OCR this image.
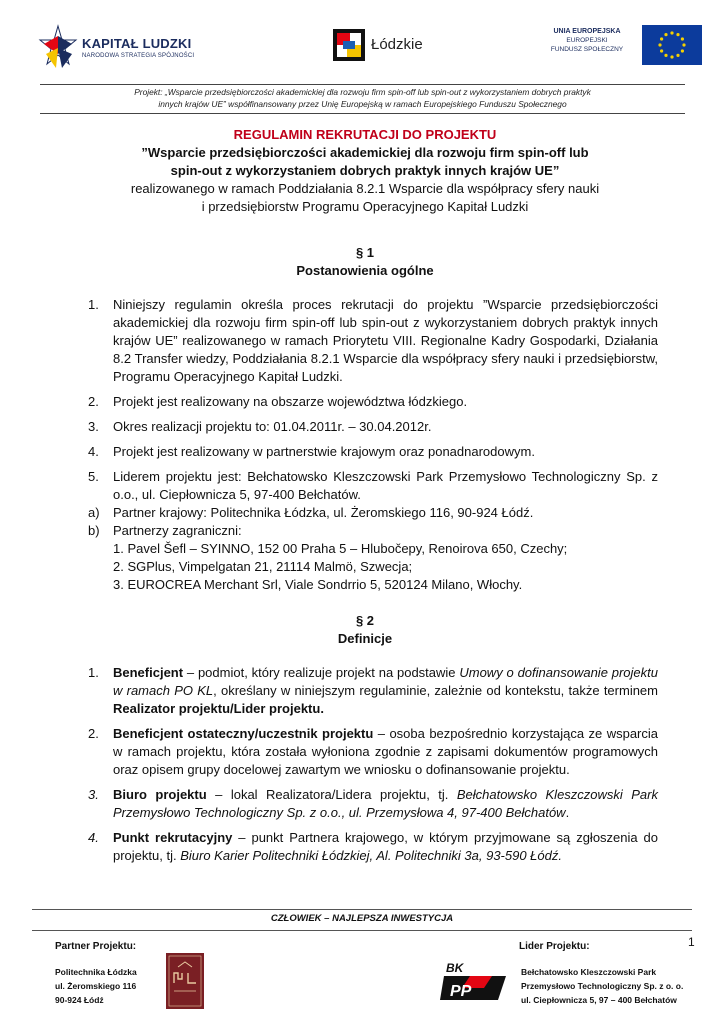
KAPITAŁ LUDZKI
NARODOWA STRATEGIA SPÓJNOŚCI
Łódzkie
UNIA EUROPEJSKA
EUROPEJSKI
FUNDUSZ SPOŁECZNY
Projekt: „Wsparcie przedsiębiorczości akademickiej dla rozwoju firm spin-off lub spin-out z wykorzystaniem dobrych praktyk
innych krajów UE” współfinansowany przez Unię Europejską w ramach Europejskiego Funduszu Społecznego
REGULAMIN REKRUTACJI DO PROJEKTU
”Wsparcie przedsiębiorczości akademickiej dla rozwoju firm spin-off lub
spin-out z wykorzystaniem dobrych praktyk innych krajów UE”
realizowanego w ramach Poddziałania 8.2.1 Wsparcie dla współpracy sfery nauki
i przedsiębiorstw Programu Operacyjnego Kapitał Ludzki
§ 1
Postanowienia ogólne
1. Niniejszy regulamin określa proces rekrutacji do projektu ”Wsparcie przedsiębiorczości akademickiej dla rozwoju firm spin-off lub spin-out z wykorzystaniem dobrych praktyk innych krajów UE” realizowanego w ramach Priorytetu VIII. Regionalne Kadry Gospodarki, Działania 8.2 Transfer wiedzy, Poddziałania 8.2.1 Wsparcie dla współpracy sfery nauki i przedsiębiorstw, Programu Operacyjnego Kapitał Ludzki.
2. Projekt jest realizowany na obszarze województwa łódzkiego.
3. Okres realizacji projektu to: 01.04.2011r. – 30.04.2012r.
4. Projekt jest realizowany w partnerstwie krajowym oraz ponadnarodowym.
5. Liderem projektu jest: Bełchatowsko Kleszczowski Park Przemysłowo Technologiczny Sp. z o.o., ul. Ciepłownicza 5, 97-400 Bełchatów.
a) Partner krajowy: Politechnika Łódzka, ul. Żeromskiego 116, 90-924 Łódź.
b) Partnerzy zagraniczni:
1. Pavel Šefl – SYINNO, 152 00 Praha 5 – Hlubočepy, Renoirova 650, Czechy;
2. SGPlus, Vimpelgatan 21, 21114 Malmö, Szwecja;
3. EUROCREA Merchant Srl, Viale Sondrrio 5, 520124 Milano, Włochy.
§ 2
Definicje
1. Beneficjent – podmiot, który realizuje projekt na podstawie Umowy o dofinansowanie projektu w ramach PO KL, określany w niniejszym regulaminie, zależnie od kontekstu, także terminem Realizator projektu/Lider projektu.
2. Beneficjent ostateczny/uczestnik projektu – osoba bezpośrednio korzystająca ze wsparcia w ramach projektu, która została wyłoniona zgodnie z zapisami dokumentów programowych oraz opisem grupy docelowej zawartym we wniosku o dofinansowanie projektu.
3. Biuro projektu – lokal Realizatora/Lidera projektu, tj. Bełchatowsko Kleszczowski Park Przemysłowo Technologiczny Sp. z o.o., ul. Przemysłowa 4, 97-400 Bełchatów.
4. Punkt rekrutacyjny – punkt Partnera krajowego, w którym przyjmowane są zgłoszenia do projektu, tj. Biuro Karier Politechniki Łódzkiej, Al. Politechniki 3a, 93-590 Łódź.
CZŁOWIEK – NAJLEPSZA INWESTYCJA
1
Partner Projektu:
Politechnika Łódzka
ul. Żeromskiego 116
90-924 Łódź
Lider Projektu:
BK
PP
Bełchatowsko Kleszczowski Park
Przemysłowo Technologiczny Sp. z o. o.
ul. Ciepłownicza 5, 97 – 400 Bełchatów
